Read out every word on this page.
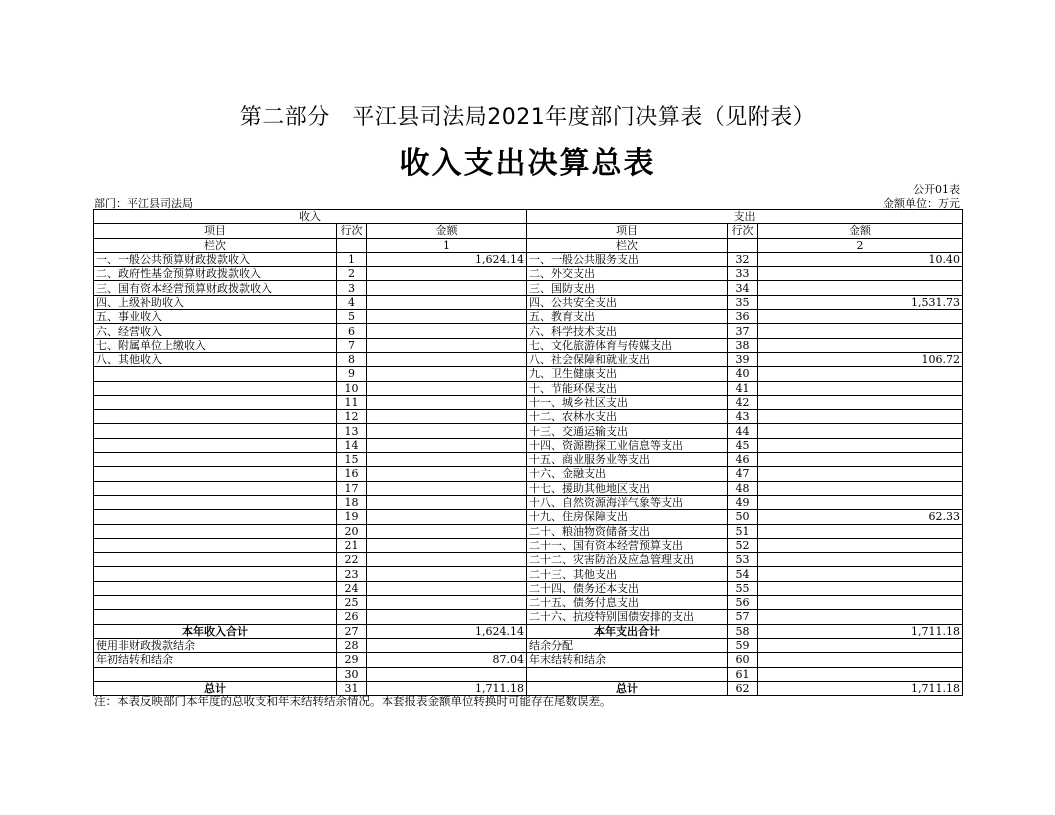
第二部分　平江县司法局2021年度部门决算表（见附表）
收入支出决算总表
公开01表
部门：平江县司法局	金额单位：万元
收入			支出		
项目	行次	金额	项目	行次	金额
栏次		1	栏次		2
一、一般公共预算财政拨款收入	1	1,624.14	一、一般公共服务支出	32	10.40
二、政府性基金预算财政拨款收入	2		二、外交支出	33	
三、国有资本经营预算财政拨款收入	3		三、国防支出	34	
四、上级补助收入	4		四、公共安全支出	35	1,531.73
五、事业收入	5		五、教育支出	36	
六、经营收入	6		六、科学技术支出	37	
七、附属单位上缴收入	7		七、文化旅游体育与传媒支出	38	
八、其他收入	8		八、社会保障和就业支出	39	106.72
	9		九、卫生健康支出	40	
	10		十、节能环保支出	41	
	11		十一、城乡社区支出	42	
	12		十二、农林水支出	43	
	13		十三、交通运输支出	44	
	14		十四、资源勘探工业信息等支出	45	
	15		十五、商业服务业等支出	46	
	16		十六、金融支出	47	
	17		十七、援助其他地区支出	48	
	18		十八、自然资源海洋气象等支出	49	
	19		十九、住房保障支出	50	62.33
	20		二十、粮油物资储备支出	51	
	21		二十一、国有资本经营预算支出	52	
	22		二十二、灾害防治及应急管理支出	53	
	23		二十三、其他支出	54	
	24		二十四、债务还本支出	55	
	25		二十五、债务付息支出	56	
	26		二十六、抗疫特别国债安排的支出	57	
本年收入合计	27	1,624.14	本年支出合计	58	1,711.18
使用非财政拨款结余	28		结余分配	59	
年初结转和结余	29	87.04	年末结转和结余	60	
	30			61	
总计	31	1,711.18	总计	62	1,711.18
注：本表反映部门本年度的总收支和年末结转结余情况。本套报表金额单位转换时可能存在尾数误差。
